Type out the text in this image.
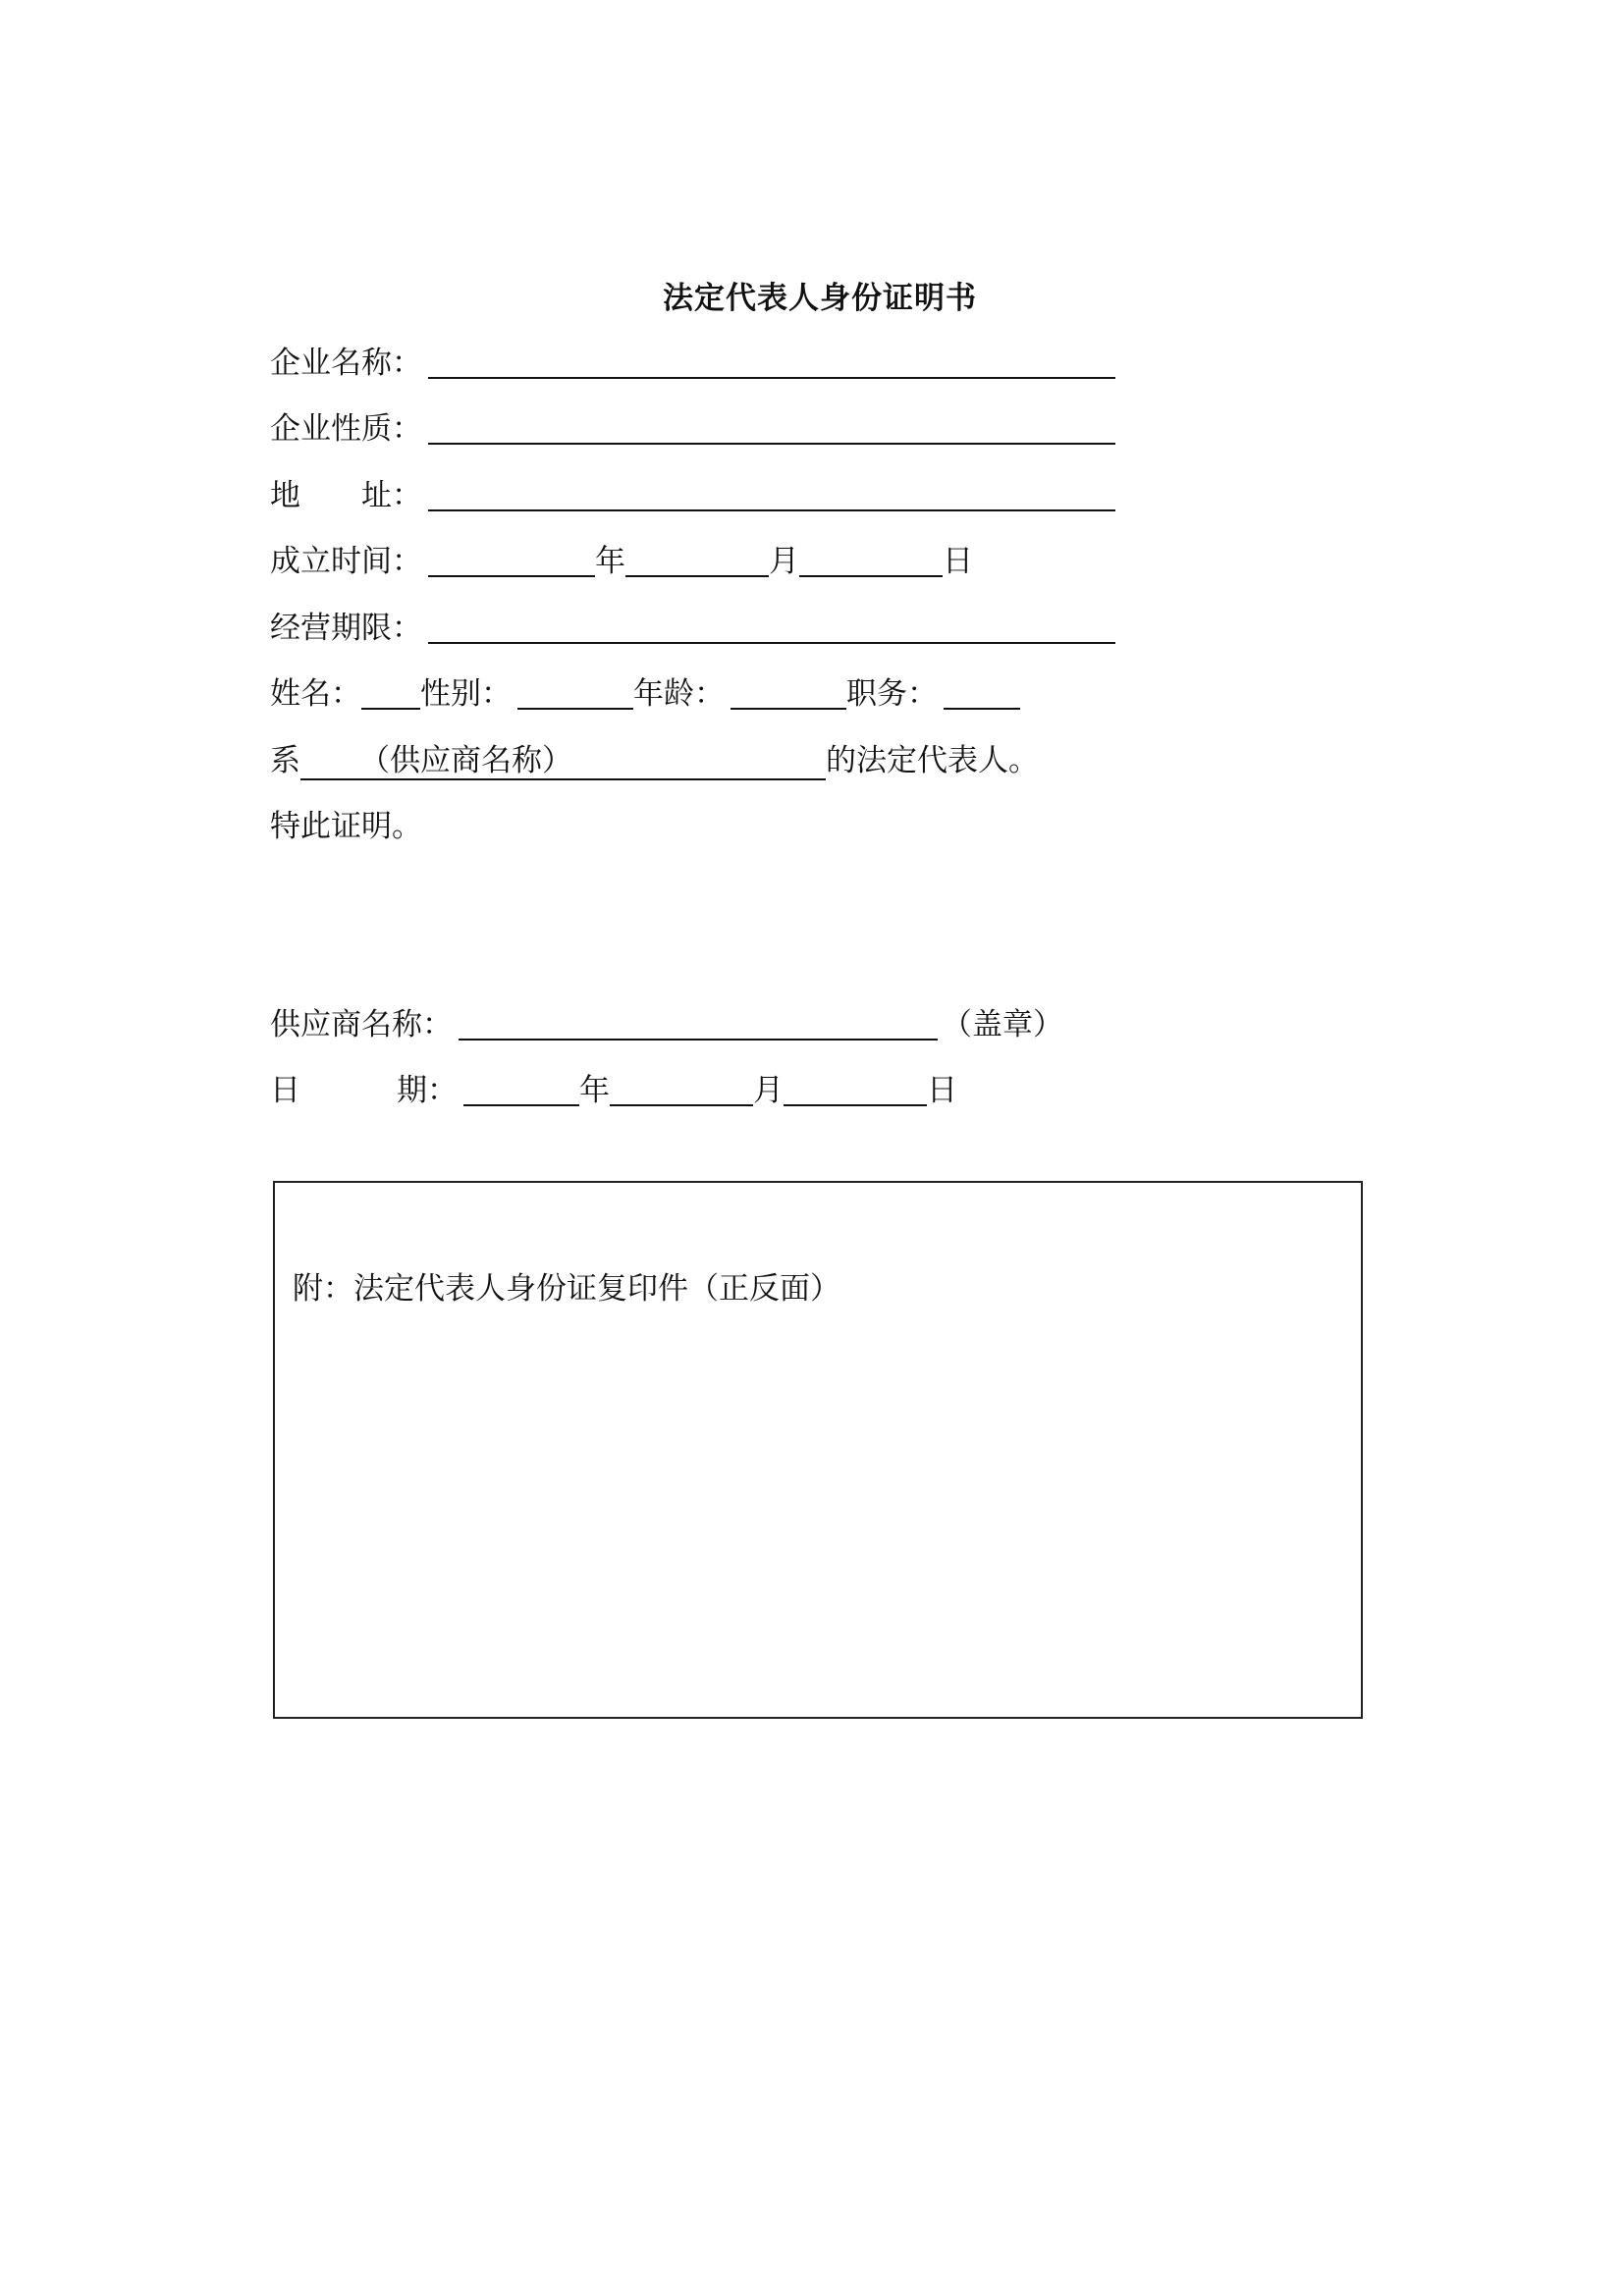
法定代表人身份证明书
企业名称：
企业性质：
地 址：
成立时间：	年	月	日
经营期限：
姓名： 性别：	年龄：	职务：
系	（供应商名称）	的法定代表人。
特此证明。
供应商名称：	（盖章）
日	期：	年	月	日
附：法定代表人身份证复印件（正反面）
